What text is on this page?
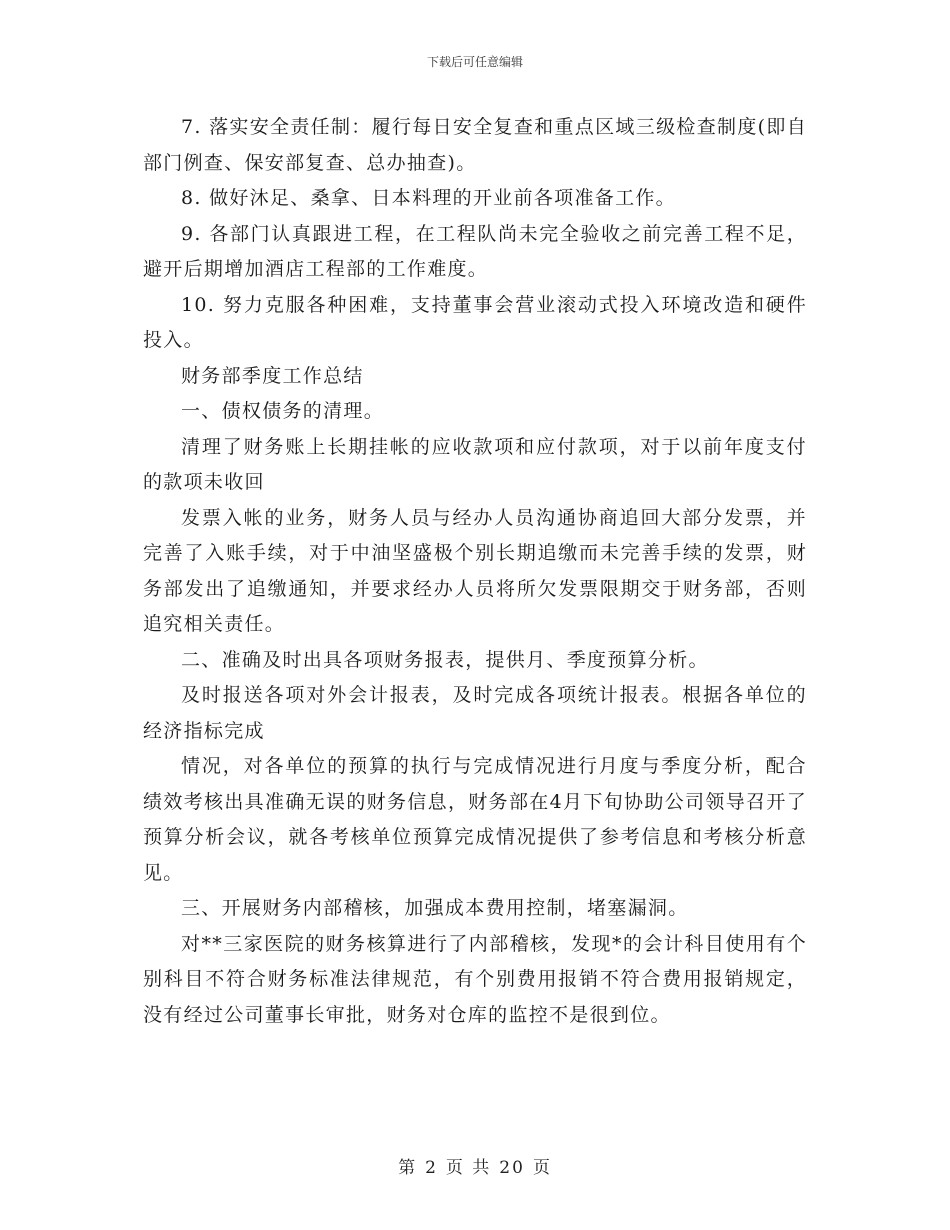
下载后可任意编辑

7. 落实安全责任制：履行每日安全复查和重点区域三级检查制度(即自部门例查、保安部复查、总办抽查)。

8. 做好沐足、桑拿、日本料理的开业前各项准备工作。

9. 各部门认真跟进工程，在工程队尚未完全验收之前完善工程不足，避开后期增加酒店工程部的工作难度。

10. 努力克服各种困难，支持董事会营业滚动式投入环境改造和硬件投入。

财务部季度工作总结

一、债权债务的清理。

清理了财务账上长期挂帐的应收款项和应付款项，对于以前年度支付的款项未收回

发票入帐的业务，财务人员与经办人员沟通协商追回大部分发票，并完善了入账手续，对于中油坚盛极个别长期追缴而未完善手续的发票，财务部发出了追缴通知，并要求经办人员将所欠发票限期交于财务部，否则追究相关责任。

二、准确及时出具各项财务报表，提供月、季度预算分析。

及时报送各项对外会计报表，及时完成各项统计报表。根据各单位的经济指标完成

情况，对各单位的预算的执行与完成情况进行月度与季度分析，配合绩效考核出具准确无误的财务信息，财务部在4月下旬协助公司领导召开了预算分析会议，就各考核单位预算完成情况提供了参考信息和考核分析意见。

三、开展财务内部稽核，加强成本费用控制，堵塞漏洞。

对**三家医院的财务核算进行了内部稽核，发现*的会计科目使用有个别科目不符合财务标准法律规范，有个别费用报销不符合费用报销规定，没有经过公司董事长审批，财务对仓库的监控不是很到位。

第 2 页 共 20 页
